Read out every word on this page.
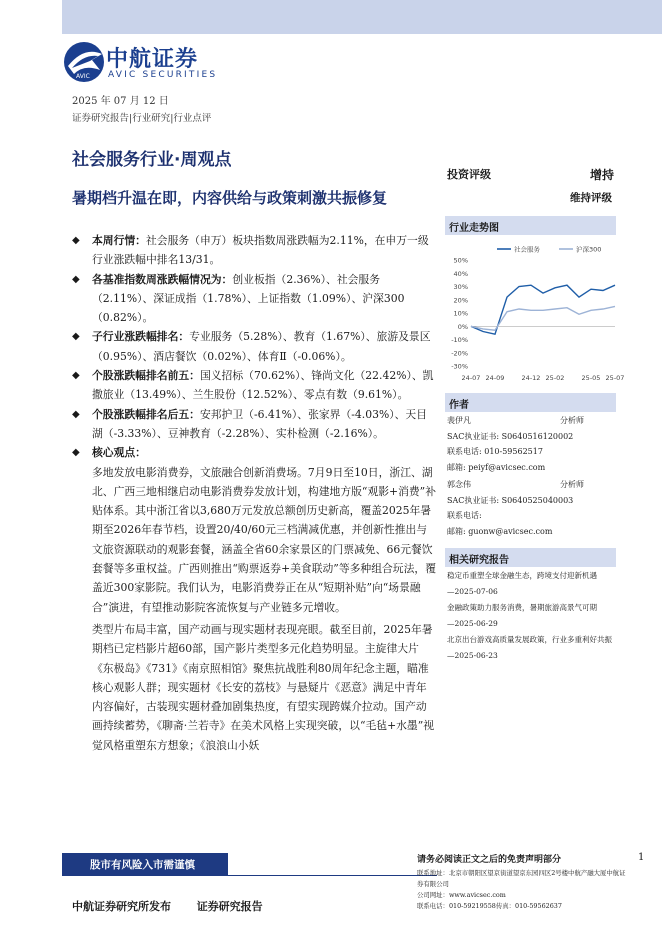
AVIC
中航证券
AVIC SECURITIES
2025 年 07 月 12 日
证券研究报告|行业研究|行业点评
社会服务行业·周观点
暑期档升温在即，内容供给与政策刺激共振修复
投资评级	增持
维持评级
行业走势图
50%
40%
30%
20%
10%
0%
-10%
-20%
-30%
24-07 24-09	24-12 25-02	25-05 25-07
社会服务	沪深300
作者
裴伊凡	分析师
SAC执业证书: S0640516120002
联系电话: 010-59562517
邮箱: peiyf@avicsec.com
郭念伟	分析师
SAC执业证书: S0640525040003
联系电话:
邮箱: guonw@avicsec.com
相关研究报告
稳定币重塑全球金融生态，跨境支付迎新机遇
—2025-07-06
金融政策助力服务消费，暑期旅游高景气可期
—2025-06-29
北京出台游戏高质量发展政策，行业多重利好共振
—2025-06-23
◆	本周行情：社会服务（申万）板块指数周涨跌幅为2.11%，在申万一级行业涨跌幅中排名13/31。
◆	各基准指数周涨跌幅情况为：创业板指（2.36%）、社会服务（2.11%）、深证成指（1.78%）、上证指数（1.09%）、沪深300（0.82%）。
◆	子行业涨跌幅排名：专业服务（5.28%）、教育（1.67%）、旅游及景区（0.95%）、酒店餐饮（0.02%）、体育Ⅱ（-0.06%）。
◆	个股涨跌幅排名前五：国义招标（70.62%）、锋尚文化（22.42%）、凯撒旅业（13.49%）、兰生股份（12.52%）、零点有数（9.61%）。
◆	个股涨跌幅排名后五：安邦护卫（-6.41%）、张家界（-4.03%）、天目湖（-3.33%）、豆神教育（-2.28%）、实朴检测（-2.16%）。
◆	核心观点：

多地发放电影消费券，文旅融合创新消费场。7月9日至10日，浙江、湖北、广西三地相继启动电影消费券发放计划，构建地方版“观影+消费”补贴体系。其中浙江省以3,680万元发放总额创历史新高，覆盖2025年暑期至2026年春节档，设置20/40/60元三档满减优惠，并创新性推出与文旅资源联动的观影套餐，涵盖全省60余家景区的门票减免、66元餐饮套餐等多重权益。广西则推出“购票返券+美食联动”等多种组合玩法，覆盖近300家影院。我们认为，电影消费券正在从“短期补贴”向“场景融合”演进，有望推动影院客流恢复与产业链多元增收。

类型片布局丰富，国产动画与现实题材表现亮眼。截至目前，2025年暑期档已定档影片超60部，国产影片类型多元化趋势明显。主旋律大片《东极岛》《731》《南京照相馆》聚焦抗战胜利80周年纪念主题，瞄准核心观影人群；现实题材《长安的荔枝》与悬疑片《恶意》满足中青年内容偏好，古装现实题材叠加剧集热度，有望实现跨媒介拉动。国产动画持续蓄势，《聊斋·兰若寺》在美术风格上实现突破，以“毛毡+水墨”视觉风格重塑东方想象；《浪浪山小妖

股市有风险入市需谨慎
中航证券研究所发布 证券研究报告
请务必阅读正文之后的免责声明部分	1
联系地址：北京市朝阳区望京街道望京东园四区2号楼中航产融大厦中航证券有限公司
公司网址：www.avicsec.com
联系电话：010-59219558传真：010-59562637
